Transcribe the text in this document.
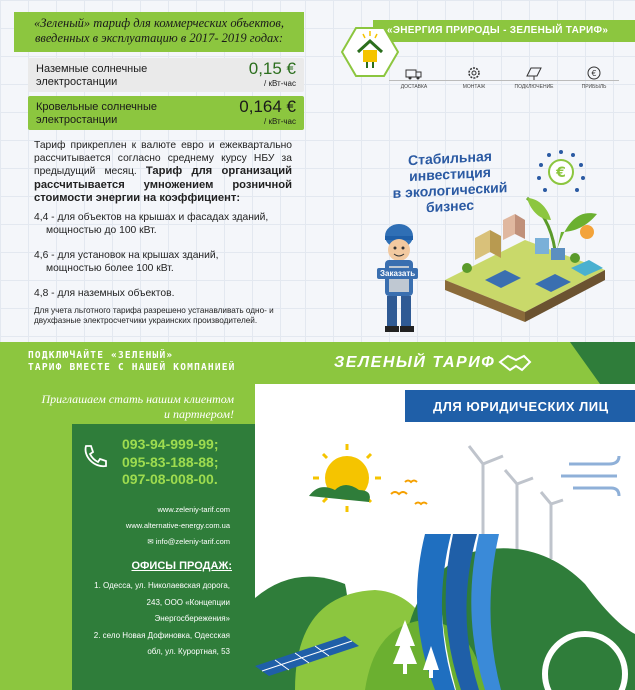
«Зеленый» тариф для коммерческих объектов, введенных в эксплуатацию в 2017- 2019 годах:
Наземные солнечные электростанции
0,15 €
/ кВт-час
Кровельные солнечные электростанции
0,164 €
/ кВт-час
Тариф прикреплен к валюте евро и ежеквартально рассчитывается согласно среднему курсу НБУ за предыдущий месяц. Тариф для организаций рассчитывается умножением розничной стоимости энергии на коэффициент:
4,4 - для объектов на крышах и фасадах зданий,
мощностью до 100 кВт.
4,6 - для установок на крышах зданий,
мощностью более 100 кВт.
4,8 - для наземных объектов.
Для учета льготного тарифа разрешено устанавливать одно- и двухфазные электросчетчики украинских производителей.
«ЭНЕРГИЯ ПРИРОДЫ - ЗЕЛЕНЫЙ ТАРИФ»
€
ДОСТАВКА	МОНТАЖ	ПОДКЛЮЧЕНИЕ	ПРИБЫЛЬ
Стабильная инвестиция
в экологический бизнес
€
Заказать
ПОДКЛЮЧАЙТЕ «ЗЕЛЕНЫЙ»
ТАРИФ ВМЕСТЕ С НАШЕЙ КОМПАНИЕЙ	ЗЕЛЕНЫЙ ТАРИФ
Приглашаем стать нашим клиентом
и партнером!
093-94-999-99;
095-83-188-88;
097-08-008-00.
www.zeleniy-tarif.com
www.alternative-energy.com.ua
✉ info@zeleniy-tarif.com
ОФИСЫ ПРОДАЖ:
1. Одесса, ул. Николаевская дорога,
243, ООО «Концепции
Энергосбережения»
2. село Новая Дофиновка, Одесская
обл, ул. Курортная, 53
ДЛЯ ЮРИДИЧЕСКИХ ЛИЦ
